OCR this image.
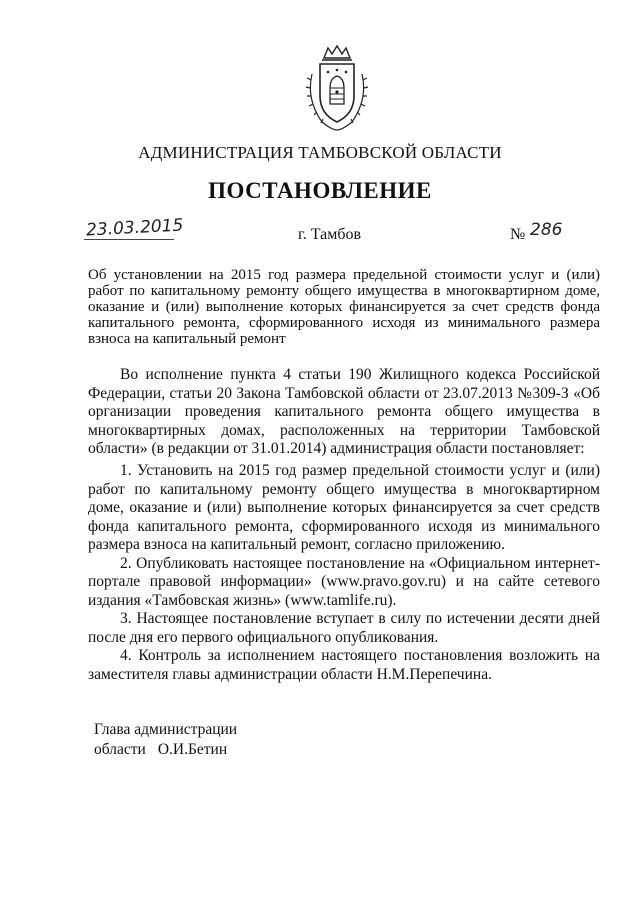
АДМИНИСТРАЦИЯ ТАМБОВСКОЙ ОБЛАСТИ
ПОСТАНОВЛЕНИЕ
23.03.2015	г. Тамбов	№ 286
Об установлении на 2015 год размера предельной стоимости услуг и (или) работ по капитальному ремонту общего имущества в многоквартирном доме, оказание и (или) выполнение которых финансируется за счет средств фонда капитального ремонта, сформированного исходя из минимального размера взноса на капитальный ремонт

Во исполнение пункта 4 статьи 190 Жилищного кодекса Российской Федерации, статьи 20 Закона Тамбовской области от 23.07.2013 №309-З «Об организации проведения капитального ремонта общего имущества в многоквартирных домах, расположенных на территории Тамбовской области» (в редакции от 31.01.2014) администрация области постановляет:

1. Установить на 2015 год размер предельной стоимости услуг и (или) работ по капитальному ремонту общего имущества в многоквартирном доме, оказание и (или) выполнение которых финансируется за счет средств фонда капитального ремонта, сформированного исходя из минимального размера взноса на капитальный ремонт, согласно приложению.

2. Опубликовать настоящее постановление на «Официальном интернет-портале правовой информации» (www.pravo.gov.ru) и на сайте сетевого издания «Тамбовская жизнь» (www.tamlife.ru).

3. Настоящее постановление вступает в силу по истечении десяти дней после дня его первого официального опубликования.

4. Контроль за исполнением настоящего постановления возложить на заместителя главы администрации области Н.М.Перепечина.

Глава администрации
области О.И.Бетин
